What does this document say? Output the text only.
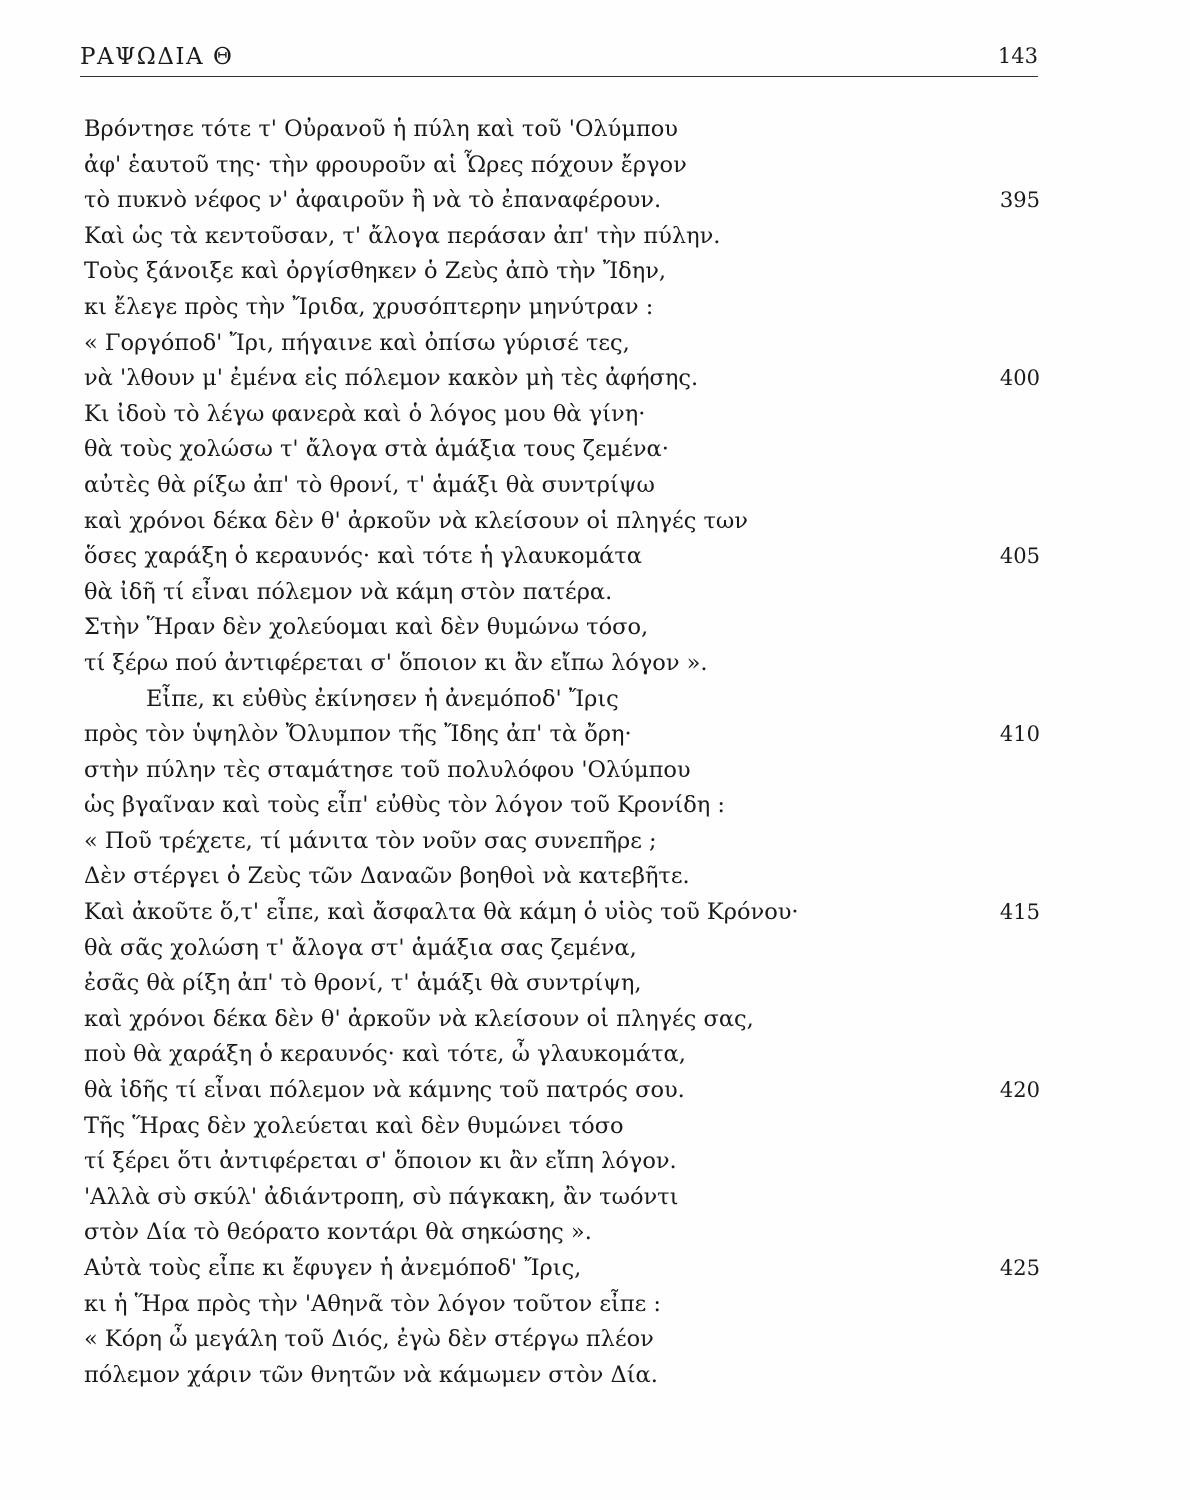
ΡΑΨΩΔΙΑ Θ	143
Βρόντησε τότε τ' Οὐρανοῦ ἡ πύλη καὶ τοῦ 'Ολύμπου
ἀφ' ἑαυτοῦ της· τὴν φρουροῦν αἱ Ὧρες πόχουν ἔργον
τὸ πυκνὸ νέφος ν' ἀφαιροῦν ἢ νὰ τὸ ἐπαναφέρουν.	395
Καὶ ὡς τὰ κεντοῦσαν, τ' ἄλογα περάσαν ἀπ' τὴν πύλην.
Τοὺς ξάνοιξε καὶ ὀργίσθηκεν ὁ Ζεὺς ἀπὸ τὴν Ἴδην,
κι ἔλεγε πρὸς τὴν Ἴριδα, χρυσόπτερην μηνύτραν :
« Γοργόποδ' Ἴρι, πήγαινε καὶ ὀπίσω γύρισέ τες,
νὰ 'λθουν μ' ἐμένα εἰς πόλεμον κακὸν μὴ τὲς ἀφήσης.	400
Κι ἰδοὺ τὸ λέγω φανερὰ καὶ ὁ λόγος μου θὰ γίνη·
θὰ τοὺς χολώσω τ' ἄλογα στὰ ἁμάξια τους ζεμένα·
αὐτὲς θὰ ρίξω ἀπ' τὸ θρονί, τ' ἁμάξι θὰ συντρίψω
καὶ χρόνοι δέκα δὲν θ' ἀρκοῦν νὰ κλείσουν οἱ πληγές των
ὅσες χαράξη ὁ κεραυνός· καὶ τότε ἡ γλαυκομάτα	405
θὰ ἰδῆ τί εἶναι πόλεμον νὰ κάμη στὸν πατέρα.
Στὴν Ἥραν δὲν χολεύομαι καὶ δὲν θυμώνω τόσο,
τί ξέρω πού ἀντιφέρεται σ' ὅποιον κι ἂν εἴπω λόγον ».
Εἶπε, κι εὐθὺς ἐκίνησεν ἡ ἀνεμόποδ' Ἴρις
πρὸς τὸν ὑψηλὸν Ὄλυμπον τῆς Ἴδης ἀπ' τὰ ὄρη·	410
στὴν πύλην τὲς σταμάτησε τοῦ πολυλόφου 'Ολύμπου
ὡς βγαῖναν καὶ τοὺς εἶπ' εὐθὺς τὸν λόγον τοῦ Κρονίδη :
« Ποῦ τρέχετε, τί μάνιτα τὸν νοῦν σας συνεπῆρε ;
Δὲν στέργει ὁ Ζεὺς τῶν Δαναῶν βοηθοὶ νὰ κατεβῆτε.
Καὶ ἀκοῦτε ὅ,τ' εἶπε, καὶ ἄσφαλτα θὰ κάμη ὁ υἱὸς τοῦ Κρόνου·	415
θὰ σᾶς χολώση τ' ἄλογα στ' ἁμάξια σας ζεμένα,
ἐσᾶς θὰ ρίξη ἀπ' τὸ θρονί, τ' ἁμάξι θὰ συντρίψη,
καὶ χρόνοι δέκα δὲν θ' ἀρκοῦν νὰ κλείσουν οἱ πληγές σας,
ποὺ θὰ χαράξη ὁ κεραυνός· καὶ τότε, ὦ γλαυκομάτα,
θὰ ἰδῆς τί εἶναι πόλεμον νὰ κάμνης τοῦ πατρός σου.	420
Τῆς Ἥρας δὲν χολεύεται καὶ δὲν θυμώνει τόσο
τί ξέρει ὅτι ἀντιφέρεται σ' ὅποιον κι ἂν εἴπη λόγον.
'Αλλὰ σὺ σκύλ' ἀδιάντροπη, σὺ πάγκακη, ἂν τωόντι
στὸν Δία τὸ θεόρατο κοντάρι θὰ σηκώσης ».
Αὐτὰ τοὺς εἶπε κι ἔφυγεν ἡ ἀνεμόποδ' Ἴρις,	425
κι ἡ Ἥρα πρὸς τὴν 'Αθηνᾶ τὸν λόγον τοῦτον εἶπε :
« Κόρη ὦ μεγάλη τοῦ Διός, ἐγὼ δὲν στέργω πλέον
πόλεμον χάριν τῶν θνητῶν νὰ κάμωμεν στὸν Δία.
